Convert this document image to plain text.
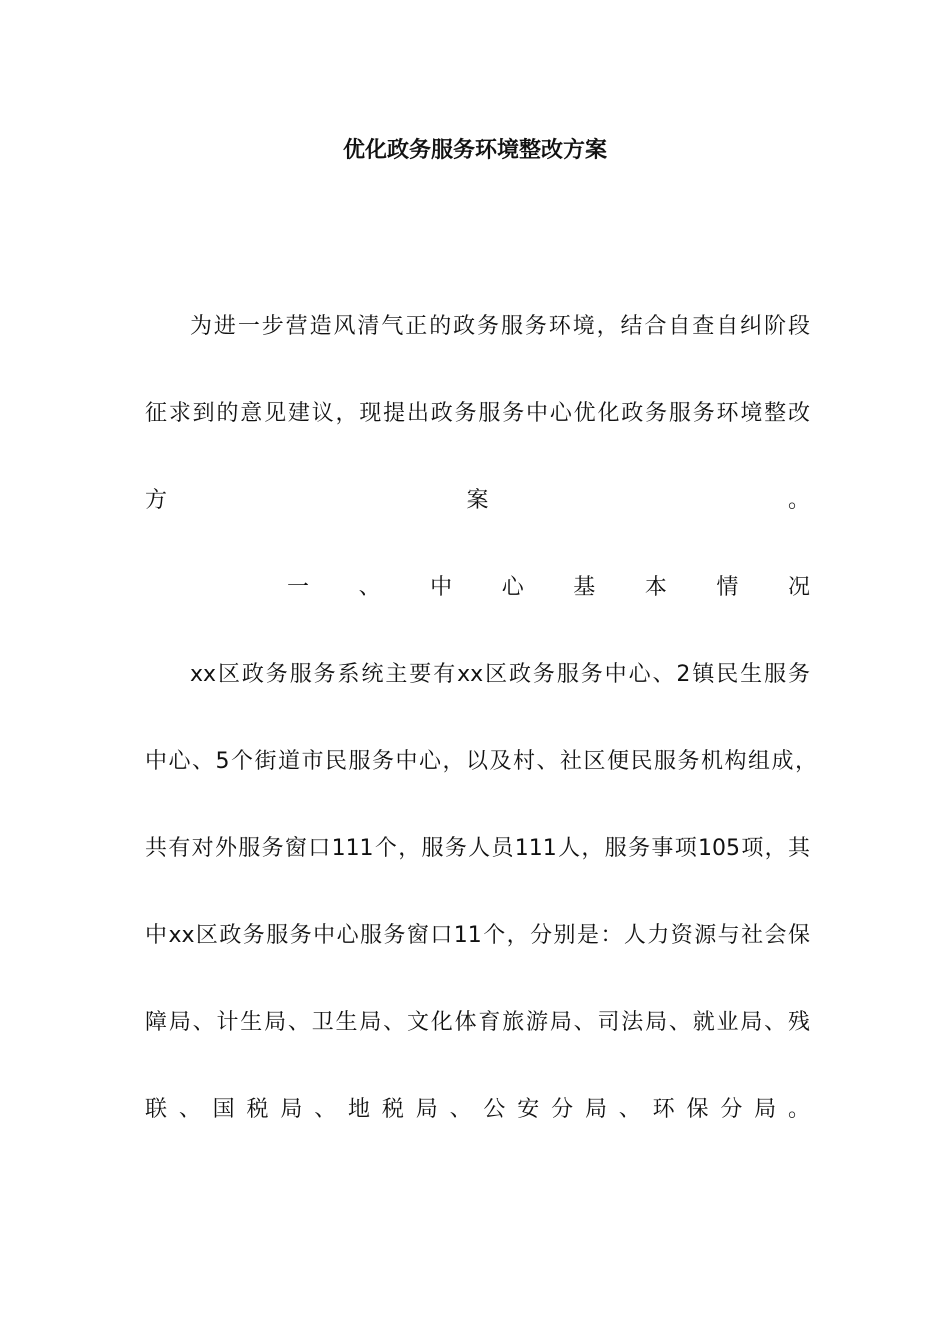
优化政务服务环境整改方案
为进一步营造风清气正的政务服务环境，结合自查自纠阶段
征求到的意见建议，现提出政务服务中心优化政务服务环境整改
方 案 。
一 、 中 心 基 本 情 况
xx区政务服务系统主要有xx区政务服务中心、2镇民生服务
中心、5个街道市民服务中心，以及村、社区便民服务机构组成，
共有对外服务窗口111个，服务人员111人，服务事项105项，其
中xx区政务服务中心服务窗口11个，分别是：人力资源与社会保
障局、计生局、卫生局、文化体育旅游局、司法局、就业局、残
联 、 国 税 局 、 地 税 局 、 公 安 分 局 、 环 保 分 局 。
